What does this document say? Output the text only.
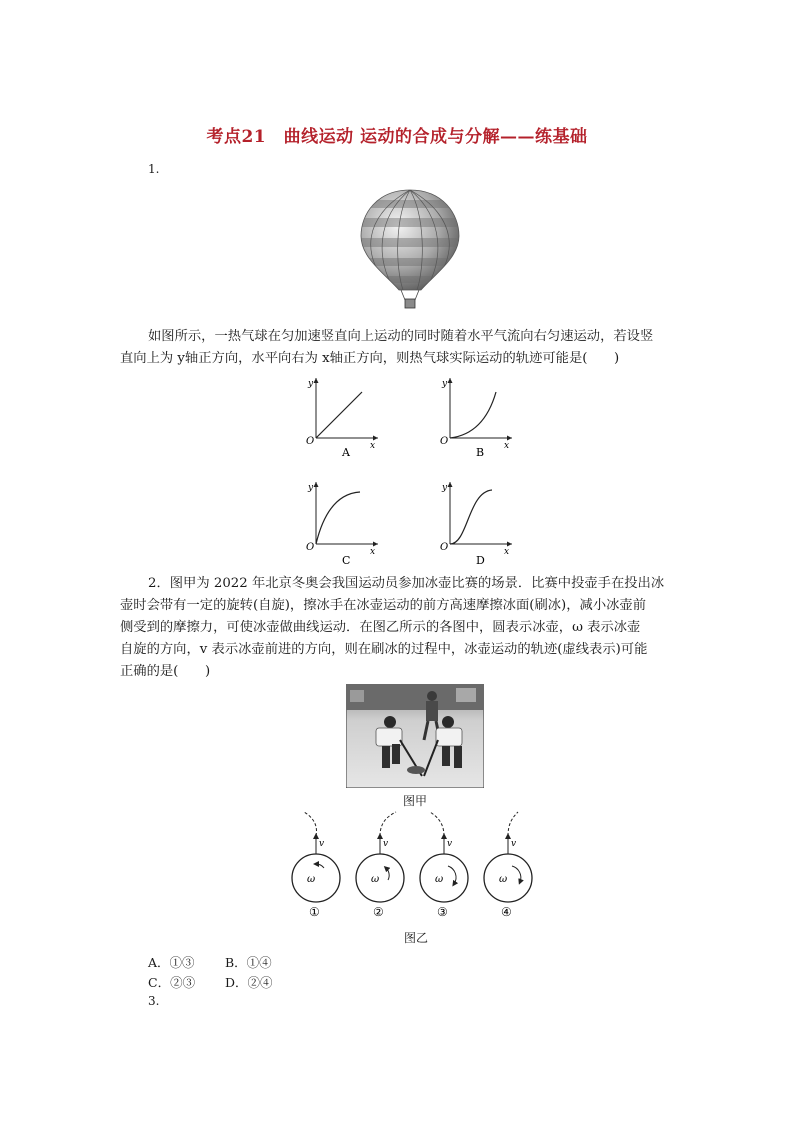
考点21　曲线运动 运动的合成与分解——练基础
1.
如图所示，一热气球在匀加速竖直向上运动的同时随着水平气流向右匀速运动，若设竖
直向上为 y轴正方向，水平向右为 x轴正方向，则热气球实际运动的轨迹可能是(　　)
y
O	x
A
y
O	x
B
y
O	x
C
y
O	x
D
2．图甲为 2022 年北京冬奥会我国运动员参加冰壶比赛的场景．比赛中投壶手在投出冰
壶时会带有一定的旋转(自旋)，擦冰手在冰壶运动的前方高速摩擦冰面(刷冰)，减小冰壶前
侧受到的摩擦力，可使冰壶做曲线运动．在图乙所示的各图中，圆表示冰壶，ω 表示冰壶
自旋的方向，v 表示冰壶前进的方向，则在刷冰的过程中，冰壶运动的轨迹(虚线表示)可能
正确的是(　　)
图甲
v
ω
①
v
ω
②
v
ω
③
v
ω
④
图乙
A．①③ B．①④
C．②③ D．②④
3.
